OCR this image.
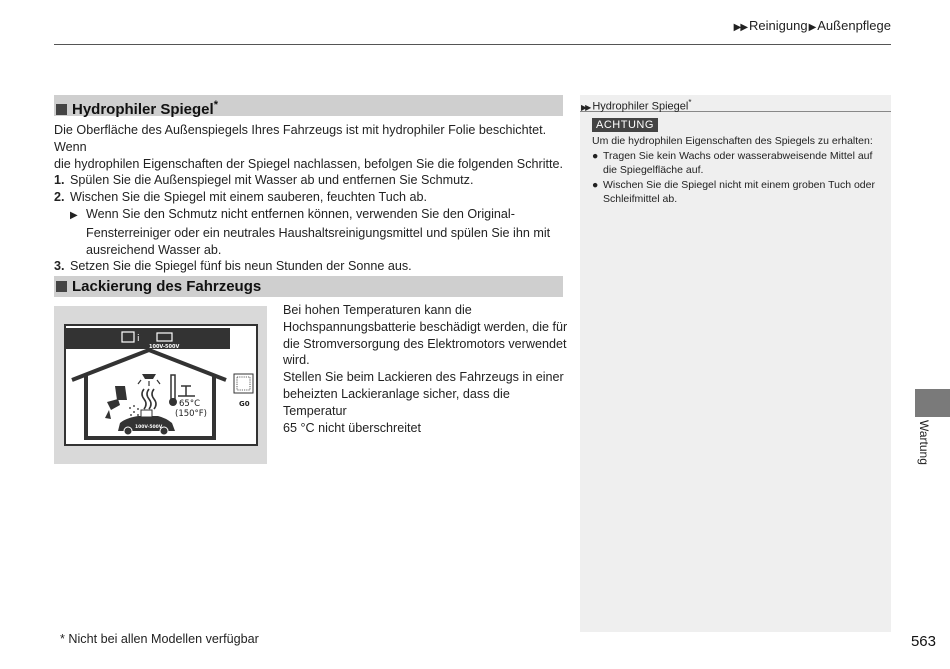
▶▶ Reinigung▶ Außenpflege
Hydrophiler Spiegel*

Die Oberfläche des Außenspiegels Ihres Fahrzeugs ist mit hydrophiler Folie beschichtet. Wenn

die hydrophilen Eigenschaften der Spiegel nachlassen, befolgen Sie die folgenden Schritte.

1. Spülen Sie die Außenspiegel mit Wasser ab und entfernen Sie Schmutz.

2. Wischen Sie die Spiegel mit einem sauberen, feuchten Tuch ab.

▶ Wenn Sie den Schmutz nicht entfernen können, verwenden Sie den Original-

Fensterreiniger oder ein neutrales Haushaltsreinigungsmittel und spülen Sie ihn mit

ausreichend Wasser ab.

3. Setzen Sie die Spiegel fünf bis neun Stunden der Sonne aus.

Lackierung des Fahrzeugs
i
100V-500V
65°C
(150°F)
100V-500V
G0

Bei hohen Temperaturen kann die

Hochspannungsbatterie beschädigt werden, die für

die Stromversorgung des Elektromotors verwendet

wird.

Stellen Sie beim Lackieren des Fahrzeugs in einer

beheizten Lackieranlage sicher, dass die Temperatur

65 °C nicht überschreitet

▶▶ Hydrophiler Spiegel*
ACHTUNG

Um die hydrophilen Eigenschaften des Spiegels zu erhalten:

● Tragen Sie kein Wachs oder wasserabweisende Mittel auf

die Spiegelfläche auf.

● Wischen Sie die Spiegel nicht mit einem groben Tuch oder

Schleifmittel ab.

Wartung
* Nicht bei allen Modellen verfügbar	563
